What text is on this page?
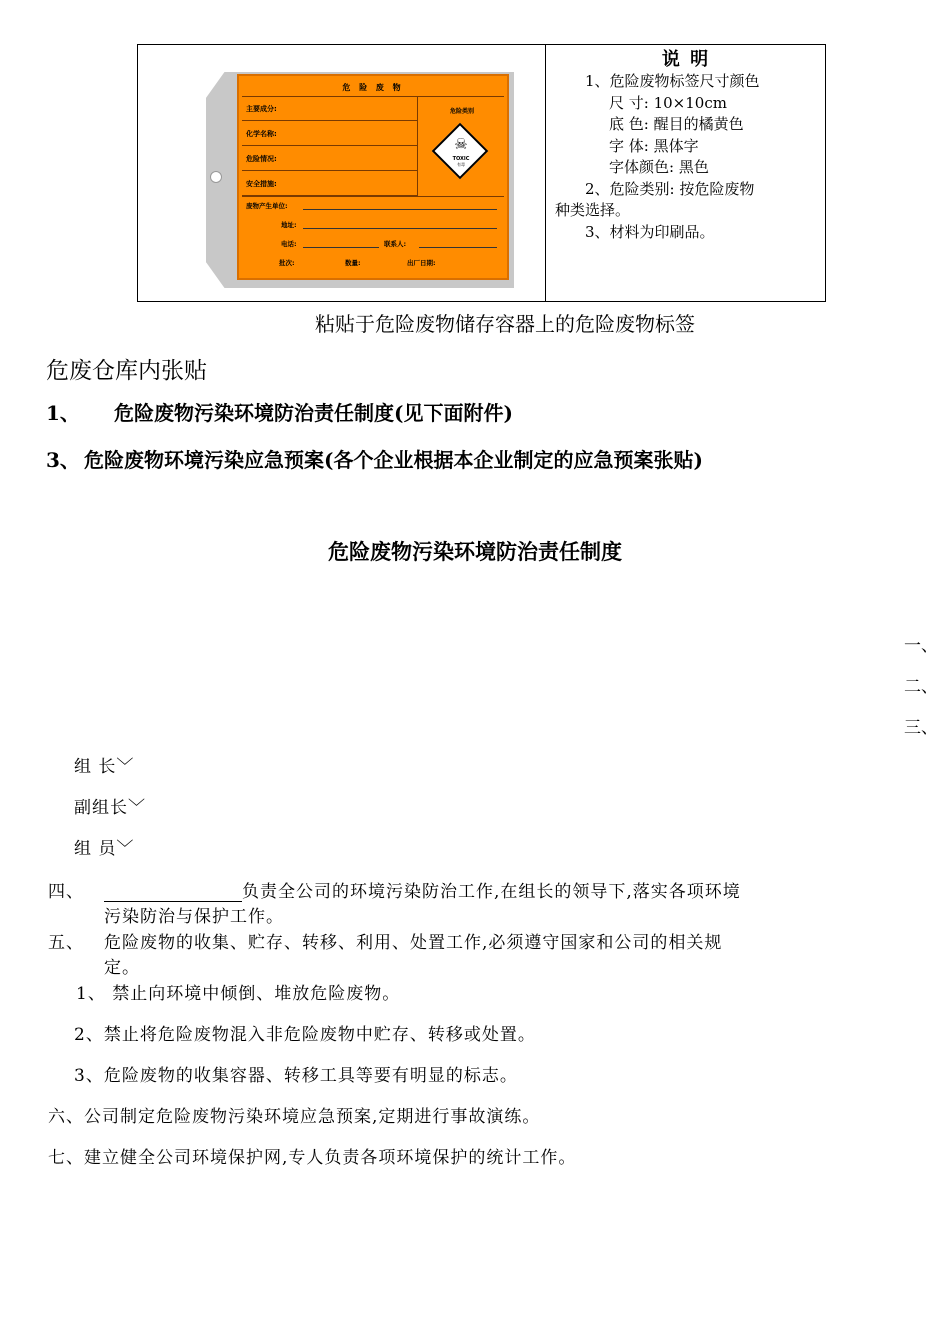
说 明
1、危险废物标签尺寸颜色
尺 寸: 10×10cm
底 色: 醒目的橘黄色
字 体: 黑体字
字体颜色: 黑色
2、危险类别: 按危险废物
种类选择。
3、材料为印刷品。
危 险 废 物
主要成分:
化学名称:
危险情况:
安全措施:
危险类别
☠
TOXIC
有毒
废物产生单位:
地址:
电话:	联系人:
批次:	数量:	出厂日期:
粘贴于危险废物储存容器上的危险废物标签
危废仓库内张贴
1、 危险废物污染环境防治责任制度(见下面附件)
3、 危险废物环境污染应急预案(各个企业根据本企业制定的应急预案张贴)
危险废物污染环境防治责任制度
一、
二、
三、
组 长﹀
副组长﹀
组 员﹀
四、	负责全公司的环境污染防治工作,在组长的领导下,落实各项环境
污染防治与保护工作。
五、 危险废物的收集、贮存、转移、利用、处置工作,必须遵守国家和公司的相关规
定。
1、 禁止向环境中倾倒、堆放危险废物。
2、禁止将危险废物混入非危险废物中贮存、转移或处置。
3、危险废物的收集容器、转移工具等要有明显的标志。
六、公司制定危险废物污染环境应急预案,定期进行事故演练。
七、建立健全公司环境保护网,专人负责各项环境保护的统计工作。
